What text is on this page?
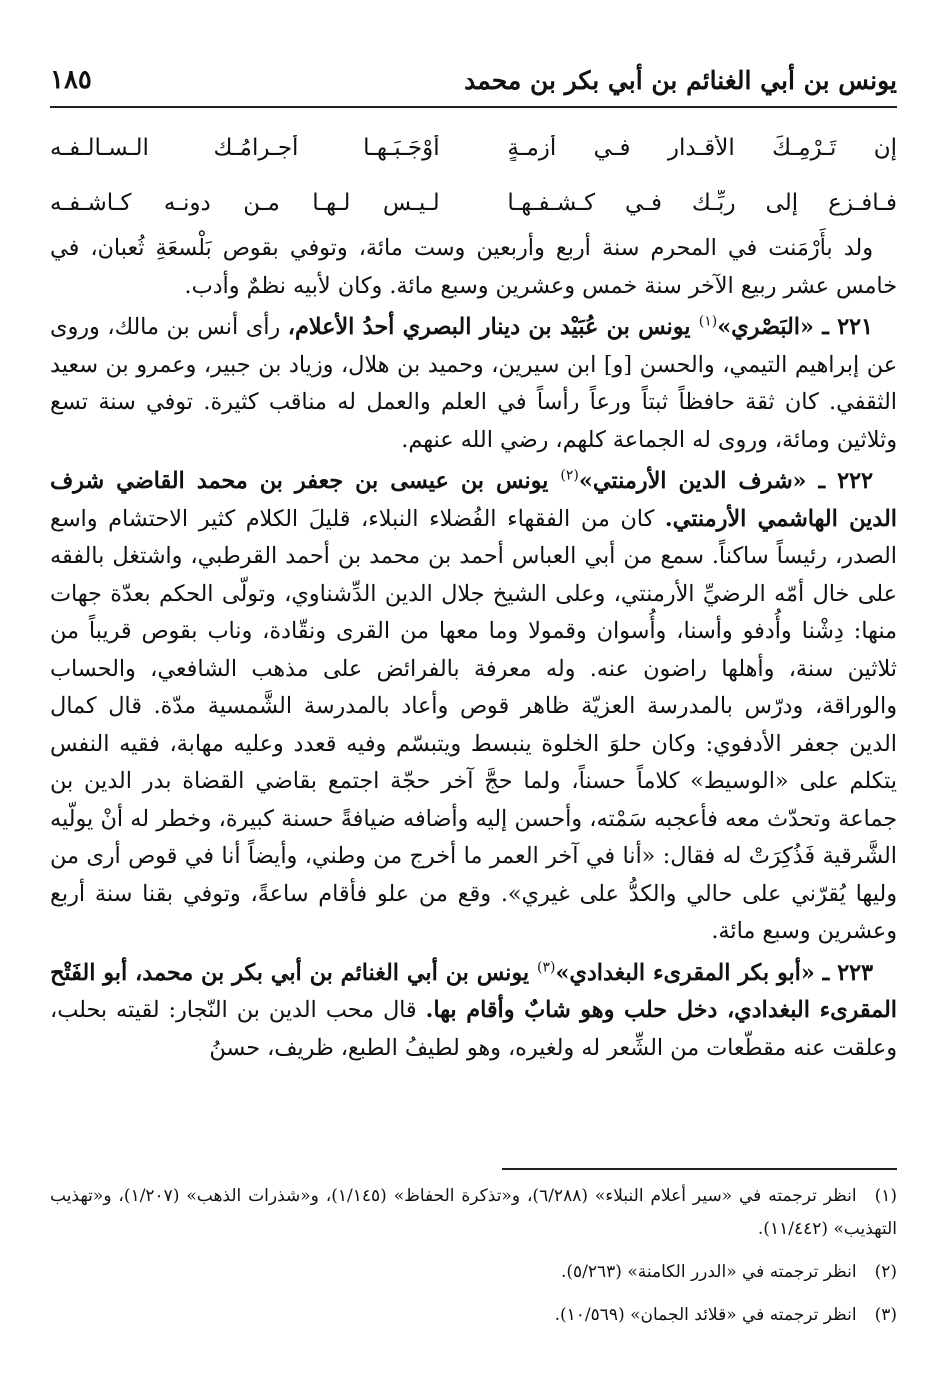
يونس بن أبي الغنائم بن أبي بكر بن محمد
١٨٥
إن تَـرْمِـكَ الأقـدار فـي أزمـةٍ
أَوْجَـبَـهـا أجـرامُـك الـسـالـفـه
فـافـزع إلى ربِّـك فـي كـشـفـهـا
لـيـس لـهـا مـن دونـه كـاشـفـه

ولد بأَرْمَنت في المحرم سنة أربع وأربعين وست مائة، وتوفي بقوص بَلْسعَةِ ثُعبان، في خامس عشر ربيع الآخر سنة خمس وعشرين وسبع مائة. وكان لأبيه نظمٌ وأدب.

٢٢١ ـ «البَصْري»$^{(١)}$ يونس بن عُبَيْد بن دينار البصري أحدُ الأعلام، رأى أنس بن مالك، وروى عن إبراهيم التيمي، والحسن [و] ابن سيرين، وحميد بن هلال، وزياد بن جبير، وعمرو بن سعيد الثقفي. كان ثقة حافظاً ثبتاً ورعاً رأساً في العلم والعمل له مناقب كثيرة. توفي سنة تسع وثلاثين ومائة، وروى له الجماعة كلهم، رضي الله عنهم.

٢٢٢ ـ «شرف الدين الأرمنتي»$^{(٢)}$ يونس بن عيسى بن جعفر بن محمد القاضي شرف الدين الهاشمي الأرمنتي. كان من الفقهاء الفُضلاء النبلاء، قليلَ الكلام كثير الاحتشام واسع الصدر، رئيساً ساكناً. سمع من أبي العباس أحمد بن محمد بن أحمد القرطبي، واشتغل بالفقه على خال أمّه الرضيِّ الأرمنتي، وعلى الشيخ جلال الدين الدِّشناوي، وتولّى الحكم بعدّة جهات منها: دِشْنا وأُدفو وأسنا، وأُسوان وقمولا وما معها من القرى ونقّادة، وناب بقوص قريباً من ثلاثين سنة، وأهلها راضون عنه. وله معرفة بالفرائض على مذهب الشافعي، والحساب والوراقة، ودرّس بالمدرسة العزيّة ظاهر قوص وأعاد بالمدرسة الشَّمسية مدّة. قال كمال الدين جعفر الأدفوي: وكان حلوَ الخلوة ينبسط ويتبسّم وفيه قعدد وعليه مهابة، فقيه النفس يتكلم على «الوسيط» كلاماً حسناً، ولما حجَّ آخر حجّة اجتمع بقاضي القضاة بدر الدين بن جماعة وتحدّث معه فأعجبه سَمْته، وأحسن إليه وأضافه ضيافةً حسنة كبيرة، وخطر له أنْ يولّيه الشَّرقية فَذُكِرَتْ له فقال: «أنا في آخر العمر ما أخرج من وطني، وأيضاً أنا في قوص أرى من وليها يُقرّني على حالي والكدُّ على غيري». وقع من علو فأقام ساعةً، وتوفي بقنا سنة أربع وعشرين وسبع مائة.

٢٢٣ ـ «أبو بكر المقرىء البغدادي»$^{(٣)}$ يونس بن أبي الغنائم بن أبي بكر بن محمد، أبو الفَتْح المقرىء البغدادي، دخل حلب وهو شابٌ وأقام بها. قال محب الدين بن النّجار: لقيته بحلب، وعلقت عنه مقطّعات من الشِّعر له ولغيره، وهو لطيفُ الطبع، ظريف، حسنُ

(١)انظر ترجمته في «سير أعلام النبلاء» (٦/٢٨٨)، و«تذكرة الحفاظ» (١/١٤٥)، و«شذرات الذهب» (١/٢٠٧)، و«تهذيب التهذيب» (١١/٤٤٢).
(٢)انظر ترجمته في «الدرر الكامنة» (٥/٢٦٣).
(٣)انظر ترجمته في «قلائد الجمان» (١٠/٥٦٩).
